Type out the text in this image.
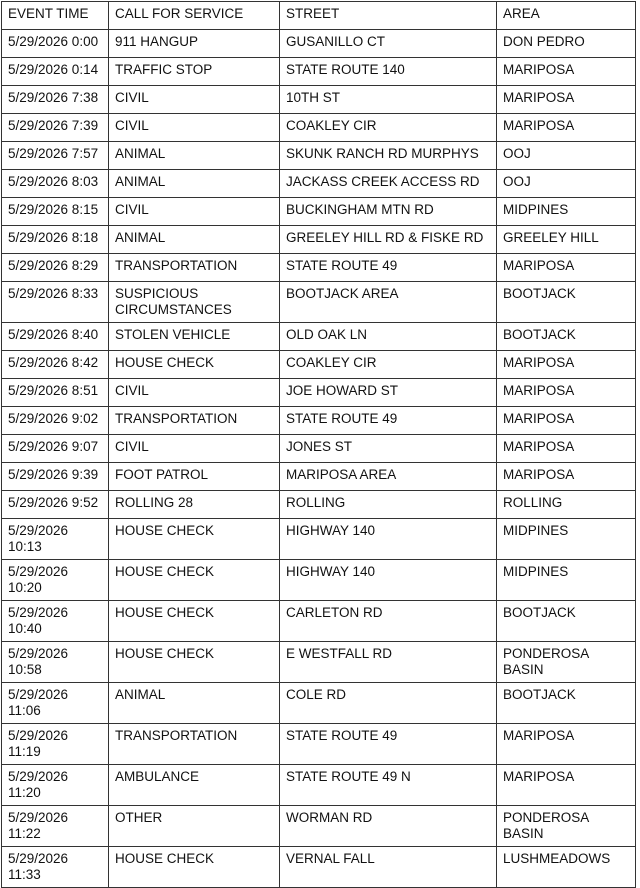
EVENT TIME	CALL FOR SERVICE	STREET	AREA
5/29/2026 0:00	911 HANGUP	GUSANILLO CT	DON PEDRO
5/29/2026 0:14	TRAFFIC STOP	STATE ROUTE 140	MARIPOSA
5/29/2026 7:38	CIVIL	10TH ST	MARIPOSA
5/29/2026 7:39	CIVIL	COAKLEY CIR	MARIPOSA
5/29/2026 7:57	ANIMAL	SKUNK RANCH RD MURPHYS	OOJ
5/29/2026 8:03	ANIMAL	JACKASS CREEK ACCESS RD	OOJ
5/29/2026 8:15	CIVIL	BUCKINGHAM MTN RD	MIDPINES
5/29/2026 8:18	ANIMAL	GREELEY HILL RD & FISKE RD	GREELEY HILL
5/29/2026 8:29	TRANSPORTATION	STATE ROUTE 49	MARIPOSA
5/29/2026 8:33	SUSPICIOUS CIRCUMSTANCES	BOOTJACK AREA	BOOTJACK
5/29/2026 8:40	STOLEN VEHICLE	OLD OAK LN	BOOTJACK
5/29/2026 8:42	HOUSE CHECK	COAKLEY CIR	MARIPOSA
5/29/2026 8:51	CIVIL	JOE HOWARD ST	MARIPOSA
5/29/2026 9:02	TRANSPORTATION	STATE ROUTE 49	MARIPOSA
5/29/2026 9:07	CIVIL	JONES ST	MARIPOSA
5/29/2026 9:39	FOOT PATROL	MARIPOSA AREA	MARIPOSA
5/29/2026 9:52	ROLLING 28	ROLLING	ROLLING
5/29/2026 10:13	HOUSE CHECK	HIGHWAY 140	MIDPINES
5/29/2026 10:20	HOUSE CHECK	HIGHWAY 140	MIDPINES
5/29/2026 10:40	HOUSE CHECK	CARLETON RD	BOOTJACK
5/29/2026 10:58	HOUSE CHECK	E WESTFALL RD	PONDEROSA BASIN
5/29/2026 11:06	ANIMAL	COLE RD	BOOTJACK
5/29/2026 11:19	TRANSPORTATION	STATE ROUTE 49	MARIPOSA
5/29/2026 11:20	AMBULANCE	STATE ROUTE 49 N	MARIPOSA
5/29/2026 11:22	OTHER	WORMAN RD	PONDEROSA BASIN
5/29/2026 11:33	HOUSE CHECK	VERNAL FALL	LUSHMEADOWS
